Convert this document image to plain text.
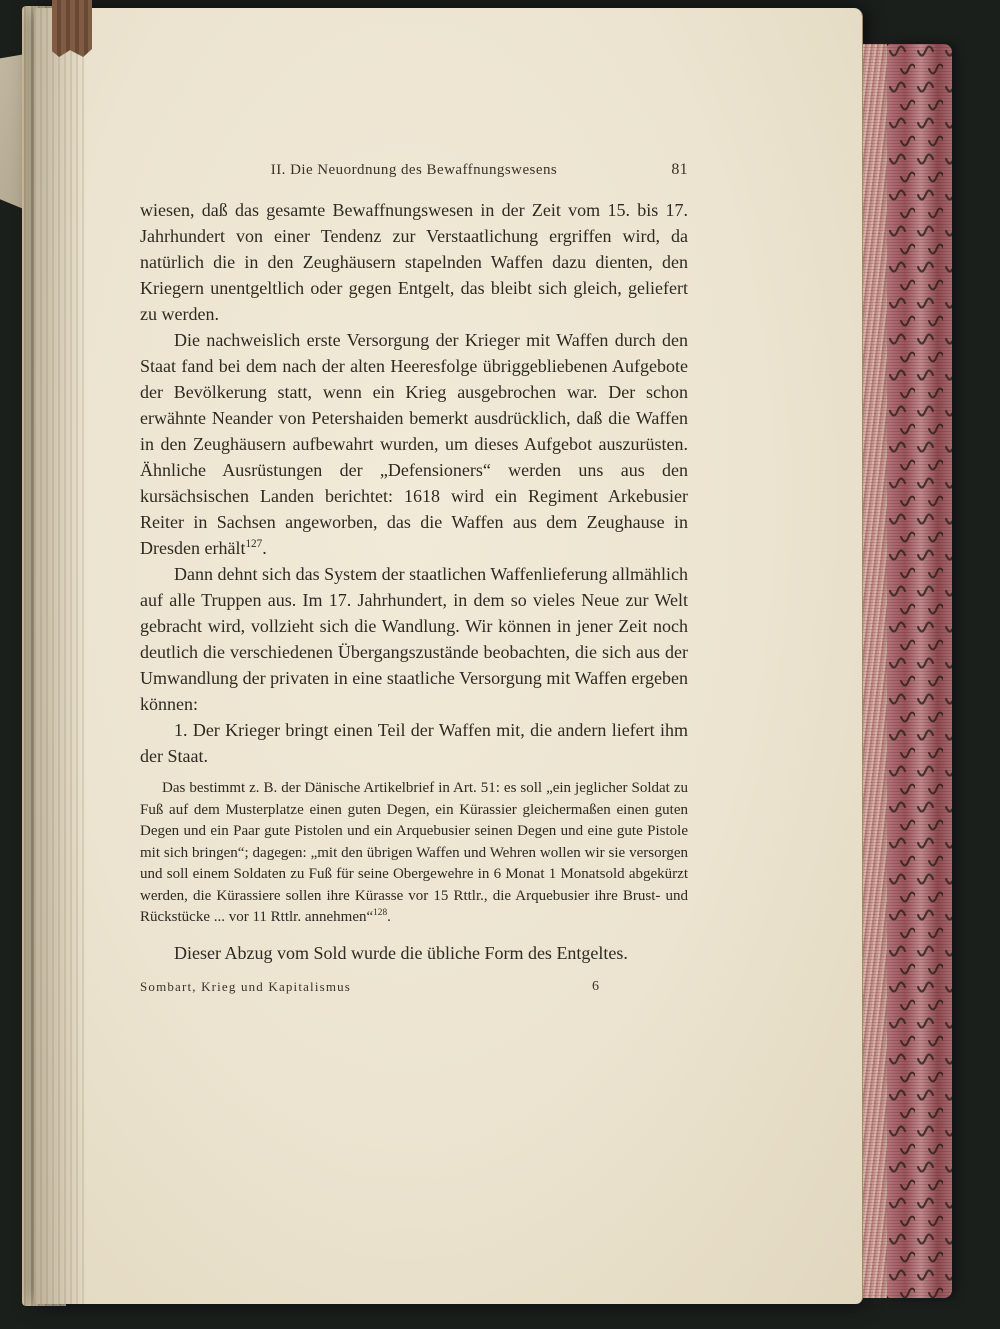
II. Die Neuordnung des Bewaffnungswesens	81

wiesen, daß das gesamte Bewaffnungswesen in der Zeit vom 15. bis 17. Jahrhundert von einer Tendenz zur Verstaatlichung ergriffen wird, da natürlich die in den Zeughäusern stapelnden Waffen dazu dienten, den Kriegern unentgeltlich oder gegen Entgelt, das bleibt sich gleich, geliefert zu werden.

Die nachweislich erste Versorgung der Krieger mit Waffen durch den Staat fand bei dem nach der alten Heeresfolge übriggebliebenen Aufgebote der Bevölkerung statt, wenn ein Krieg ausgebrochen war. Der schon erwähnte Neander von Petershaiden bemerkt ausdrücklich, daß die Waffen in den Zeughäusern aufbewahrt wurden, um dieses Aufgebot auszurüsten. Ähnliche Ausrüstungen der „Defensioners“ werden uns aus den kursächsischen Landen berichtet: 1618 wird ein Regiment Arkebusier Reiter in Sachsen angeworben, das die Waffen aus dem Zeughause in Dresden erhält$^{127}$.

Dann dehnt sich das System der staatlichen Waffenlieferung allmählich auf alle Truppen aus. Im 17. Jahrhundert, in dem so vieles Neue zur Welt gebracht wird, vollzieht sich die Wandlung. Wir können in jener Zeit noch deutlich die verschiedenen Übergangszustände beobachten, die sich aus der Umwandlung der privaten in eine staatliche Versorgung mit Waffen ergeben können:

1. Der Krieger bringt einen Teil der Waffen mit, die andern liefert ihm der Staat.

Das bestimmt z. B. der Dänische Artikelbrief in Art. 51: es soll „ein jeglicher Soldat zu Fuß auf dem Musterplatze einen guten Degen, ein Kürassier gleichermaßen einen guten Degen und ein Paar gute Pistolen und ein Arquebusier seinen Degen und eine gute Pistole mit sich bringen“; dagegen: „mit den übrigen Waffen und Wehren wollen wir sie versorgen und soll einem Soldaten zu Fuß für seine Obergewehre in 6 Monat 1 Monatsold abgekürzt werden, die Kürassiere sollen ihre Kürasse vor 15 Rttlr., die Arquebusier ihre Brust- und Rückstücke ... vor 11 Rttlr. annehmen“$^{128}$.

Dieser Abzug vom Sold wurde die übliche Form des Entgeltes.

Sombart, Krieg und Kapitalismus	6
